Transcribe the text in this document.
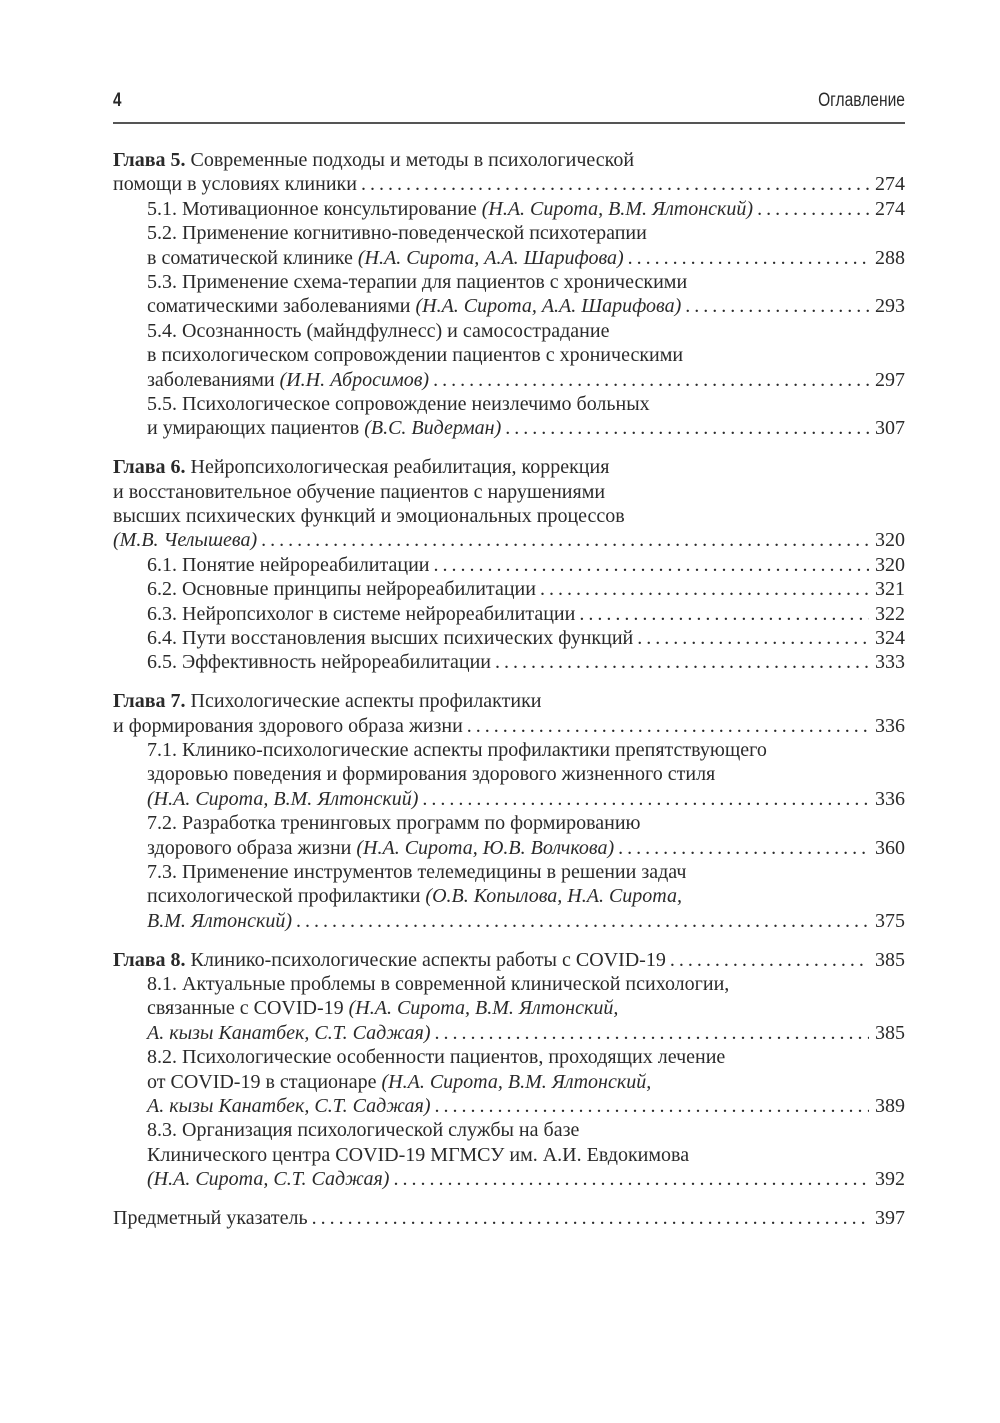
4	Оглавление
Глава 5. Современные подходы и методы в психологической
помощи в условиях клиники . . .	274
5.1. Мотивационное консультирование (Н.А. Сирота, В.М. Ялтонский) . . .	274
5.2. Применение когнитивно-поведенческой психотерапии
в соматической клинике (Н.А. Сирота, А.А. Шарифова) . . .	288
5.3. Применение схема-терапии для пациентов с хроническими
соматическими заболеваниями (Н.А. Сирота, А.А. Шарифова) . . .	293
5.4. Осознанность (майндфулнесс) и самосострадание
в психологическом сопровождении пациентов с хроническими
заболеваниями (И.Н. Абросимов) . . .	297
5.5. Психологическое сопровождение неизлечимо больных
и умирающих пациентов (В.С. Видерман) . . .	307
Глава 6. Нейропсихологическая реабилитация, коррекция
и восстановительное обучение пациентов с нарушениями
высших психических функций и эмоциональных процессов
(М.В. Челышева) . . .	320
6.1. Понятие нейрореабилитации . . .	320
6.2. Основные принципы нейрореабилитации . . .	321
6.3. Нейропсихолог в системе нейрореабилитации . . .	322
6.4. Пути восстановления высших психических функций . . .	324
6.5. Эффективность нейрореабилитации . . .	333
Глава 7. Психологические аспекты профилактики
и формирования здорового образа жизни . . .	336
7.1. Клинико-психологические аспекты профилактики препятствующего
здоровью поведения и формирования здорового жизненного стиля
(Н.А. Сирота, В.М. Ялтонский) . . .	336
7.2. Разработка тренинговых программ по формированию
здорового образа жизни (Н.А. Сирота, Ю.В. Волчкова) . . .	360
7.3. Применение инструментов телемедицины в решении задач
психологической профилактики (О.В. Копылова, Н.А. Сирота,
В.М. Ялтонский) . . .	375
Глава 8. Клинико-психологические аспекты работы с COVID-19 . . .	385
8.1. Актуальные проблемы в современной клинической психологии,
связанные с COVID-19 (Н.А. Сирота, В.М. Ялтонский,
А. кызы Канатбек, С.Т. Саджая) . . .	385
8.2. Психологические особенности пациентов, проходящих лечение
от COVID-19 в стационаре (Н.А. Сирота, В.М. Ялтонский,
А. кызы Канатбек, С.Т. Саджая) . . .	389
8.3. Организация психологической службы на базе
Клинического центра COVID-19 МГМСУ им. А.И. Евдокимова
(Н.А. Сирота, С.Т. Саджая) . . .	392
Предметный указатель . . .	397
